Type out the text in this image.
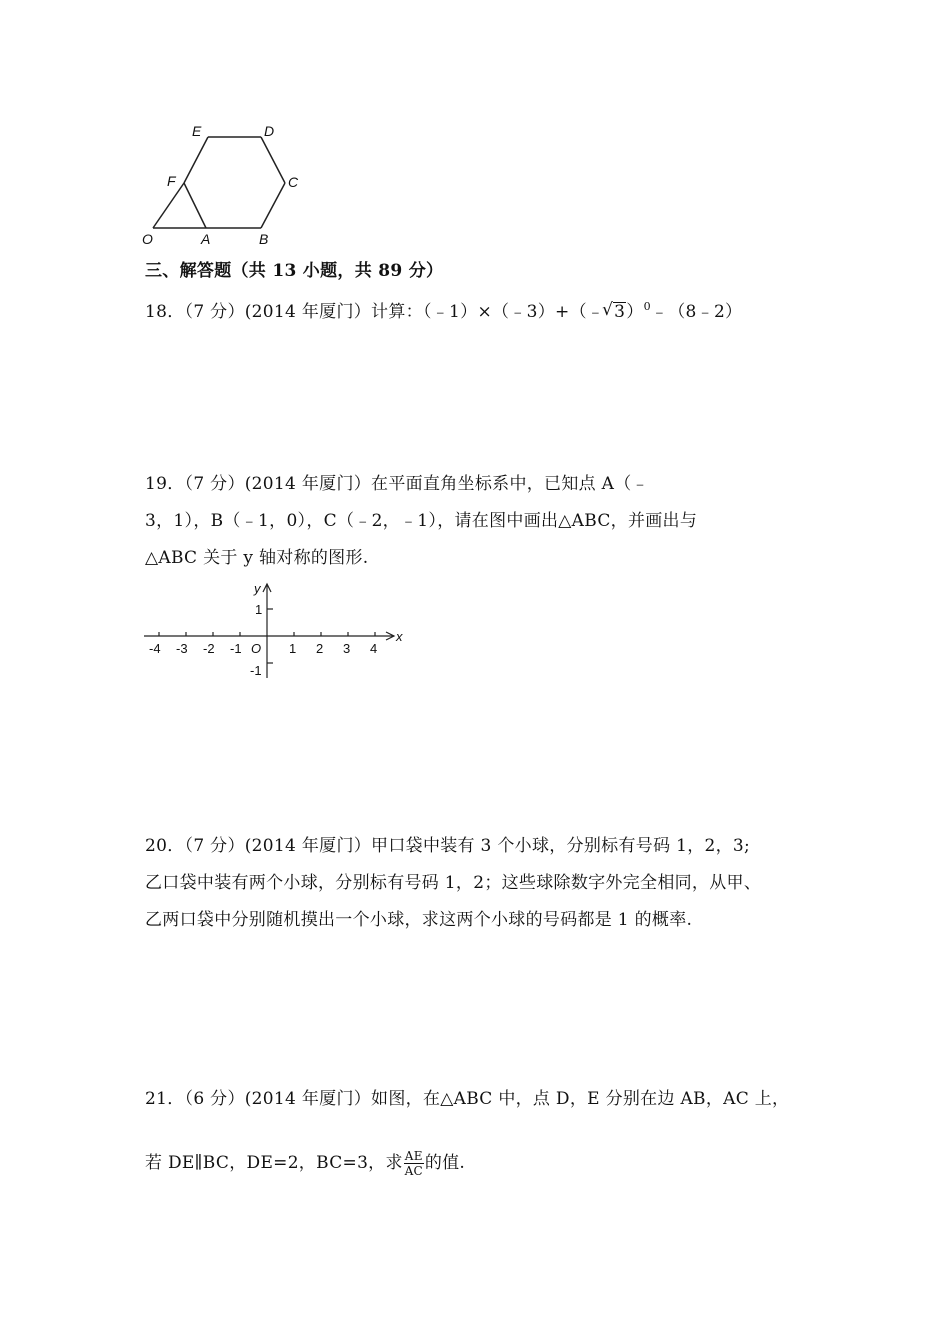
E	D
C
F
O	A	B
三、解答题（共 13 小题，共 89 分）
18．（7 分）(2014 年厦门）计算：（﹣1）×（﹣3）+（﹣√ 3）$^0$﹣（8﹣2）
19．（7 分）(2014 年厦门）在平面直角坐标系中，已知点 A（﹣
3，1），B（﹣1，0），C（﹣2，﹣1），请在图中画出△ABC，并画出与
△ABC 关于 y 轴对称的图形.
-4 -3 -2 -1 O 1 2 3 4
x
y
1
-1
20．（7 分）(2014 年厦门）甲口袋中装有 3 个小球，分别标有号码 1，2，3;
乙口袋中装有两个小球，分别标有号码 1，2；这些球除数字外完全相同，从甲、
乙两口袋中分别随机摸出一个小球，求这两个小球的号码都是 1 的概率.
21．（6 分）(2014 年厦门）如图，在△ABC 中，点 D，E 分别在边 AB，AC 上，
若 DE∥BC，DE=2，BC=3，求 $\frac{AE}{AC}$ 的值.
